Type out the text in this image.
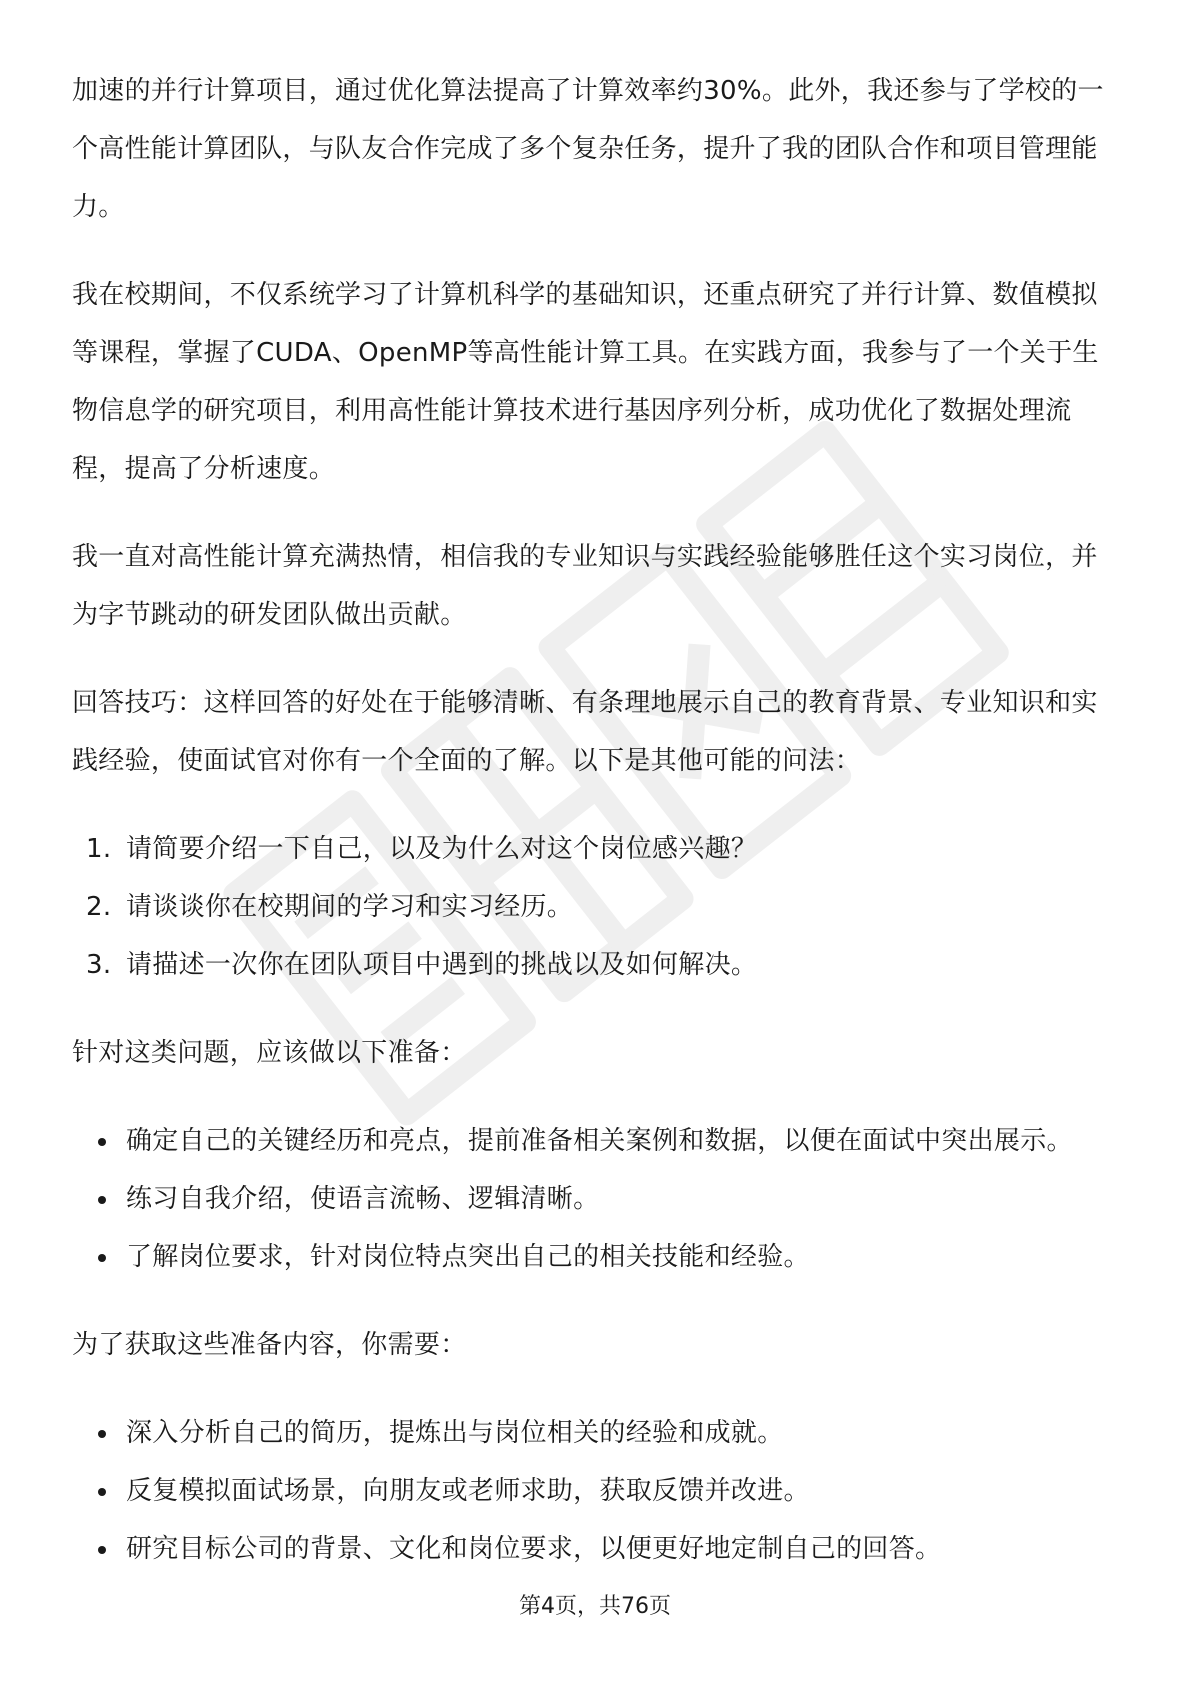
加速的并行计算项目，通过优化算法提高了计算效率约30%。此外，我还参与了学校的一个高性能计算团队，与队友合作完成了多个复杂任务，提升了我的团队合作和项目管理能力。

我在校期间，不仅系统学习了计算机科学的基础知识，还重点研究了并行计算、数值模拟等课程，掌握了CUDA、OpenMP等高性能计算工具。在实践方面，我参与了一个关于生物信息学的研究项目，利用高性能计算技术进行基因序列分析，成功优化了数据处理流程，提高了分析速度。

我一直对高性能计算充满热情，相信我的专业知识与实践经验能够胜任这个实习岗位，并为字节跳动的研发团队做出贡献。

回答技巧：这样回答的好处在于能够清晰、有条理地展示自己的教育背景、专业知识和实践经验，使面试官对你有一个全面的了解。以下是其他可能的问法：

1. 请简要介绍一下自己，以及为什么对这个岗位感兴趣？
2. 请谈谈你在校期间的学习和实习经历。
3. 请描述一次你在团队项目中遇到的挑战以及如何解决。

针对这类问题，应该做以下准备：

确定自己的关键经历和亮点，提前准备相关案例和数据，以便在面试中突出展示。
练习自我介绍，使语言流畅、逻辑清晰。
了解岗位要求，针对岗位特点突出自己的相关技能和经验。

为了获取这些准备内容，你需要：

深入分析自己的简历，提炼出与岗位相关的经验和成就。
反复模拟面试场景，向朋友或老师求助，获取反馈并改进。
研究目标公司的背景、文化和岗位要求，以便更好地定制自己的回答。
第4页，共76页
